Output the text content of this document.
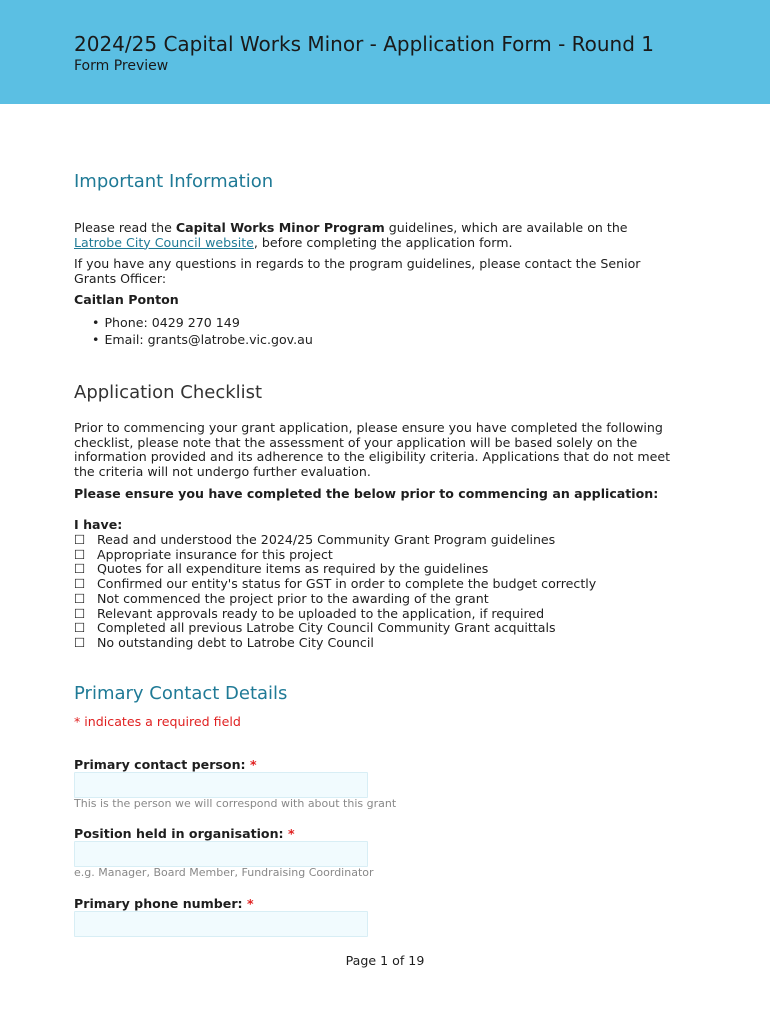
2024/25 Capital Works Minor - Application Form - Round 1
Form Preview
Important Information

Please read the Capital Works Minor Program guidelines, which are available on the
Latrobe City Council website, before completing the application form.

If you have any questions in regards to the program guidelines, please contact the Senior Grants Officer:

Caitlan Ponton

• Phone: 0429 270 149
• Email: grants@latrobe.vic.gov.au
Application Checklist

Prior to commencing your grant application, please ensure you have completed the following checklist, please note that the assessment of your application will be based solely on the information provided and its adherence to the eligibility criteria. Applications that do not meet the criteria will not undergo further evaluation.

Please ensure you have completed the below prior to commencing an application:

I have:

☐ Read and understood the 2024/25 Community Grant Program guidelines
☐ Appropriate insurance for this project
☐ Quotes for all expenditure items as required by the guidelines
☐ Confirmed our entity's status for GST in order to complete the budget correctly
☐ Not commenced the project prior to the awarding of the grant
☐ Relevant approvals ready to be uploaded to the application, if required
☐ Completed all previous Latrobe City Council Community Grant acquittals
☐ No outstanding debt to Latrobe City Council
Primary Contact Details
* indicates a required field
Primary contact person: *
This is the person we will correspond with about this grant
Position held in organisation: *
e.g. Manager, Board Member, Fundraising Coordinator
Primary phone number: *
Page 1 of 19
